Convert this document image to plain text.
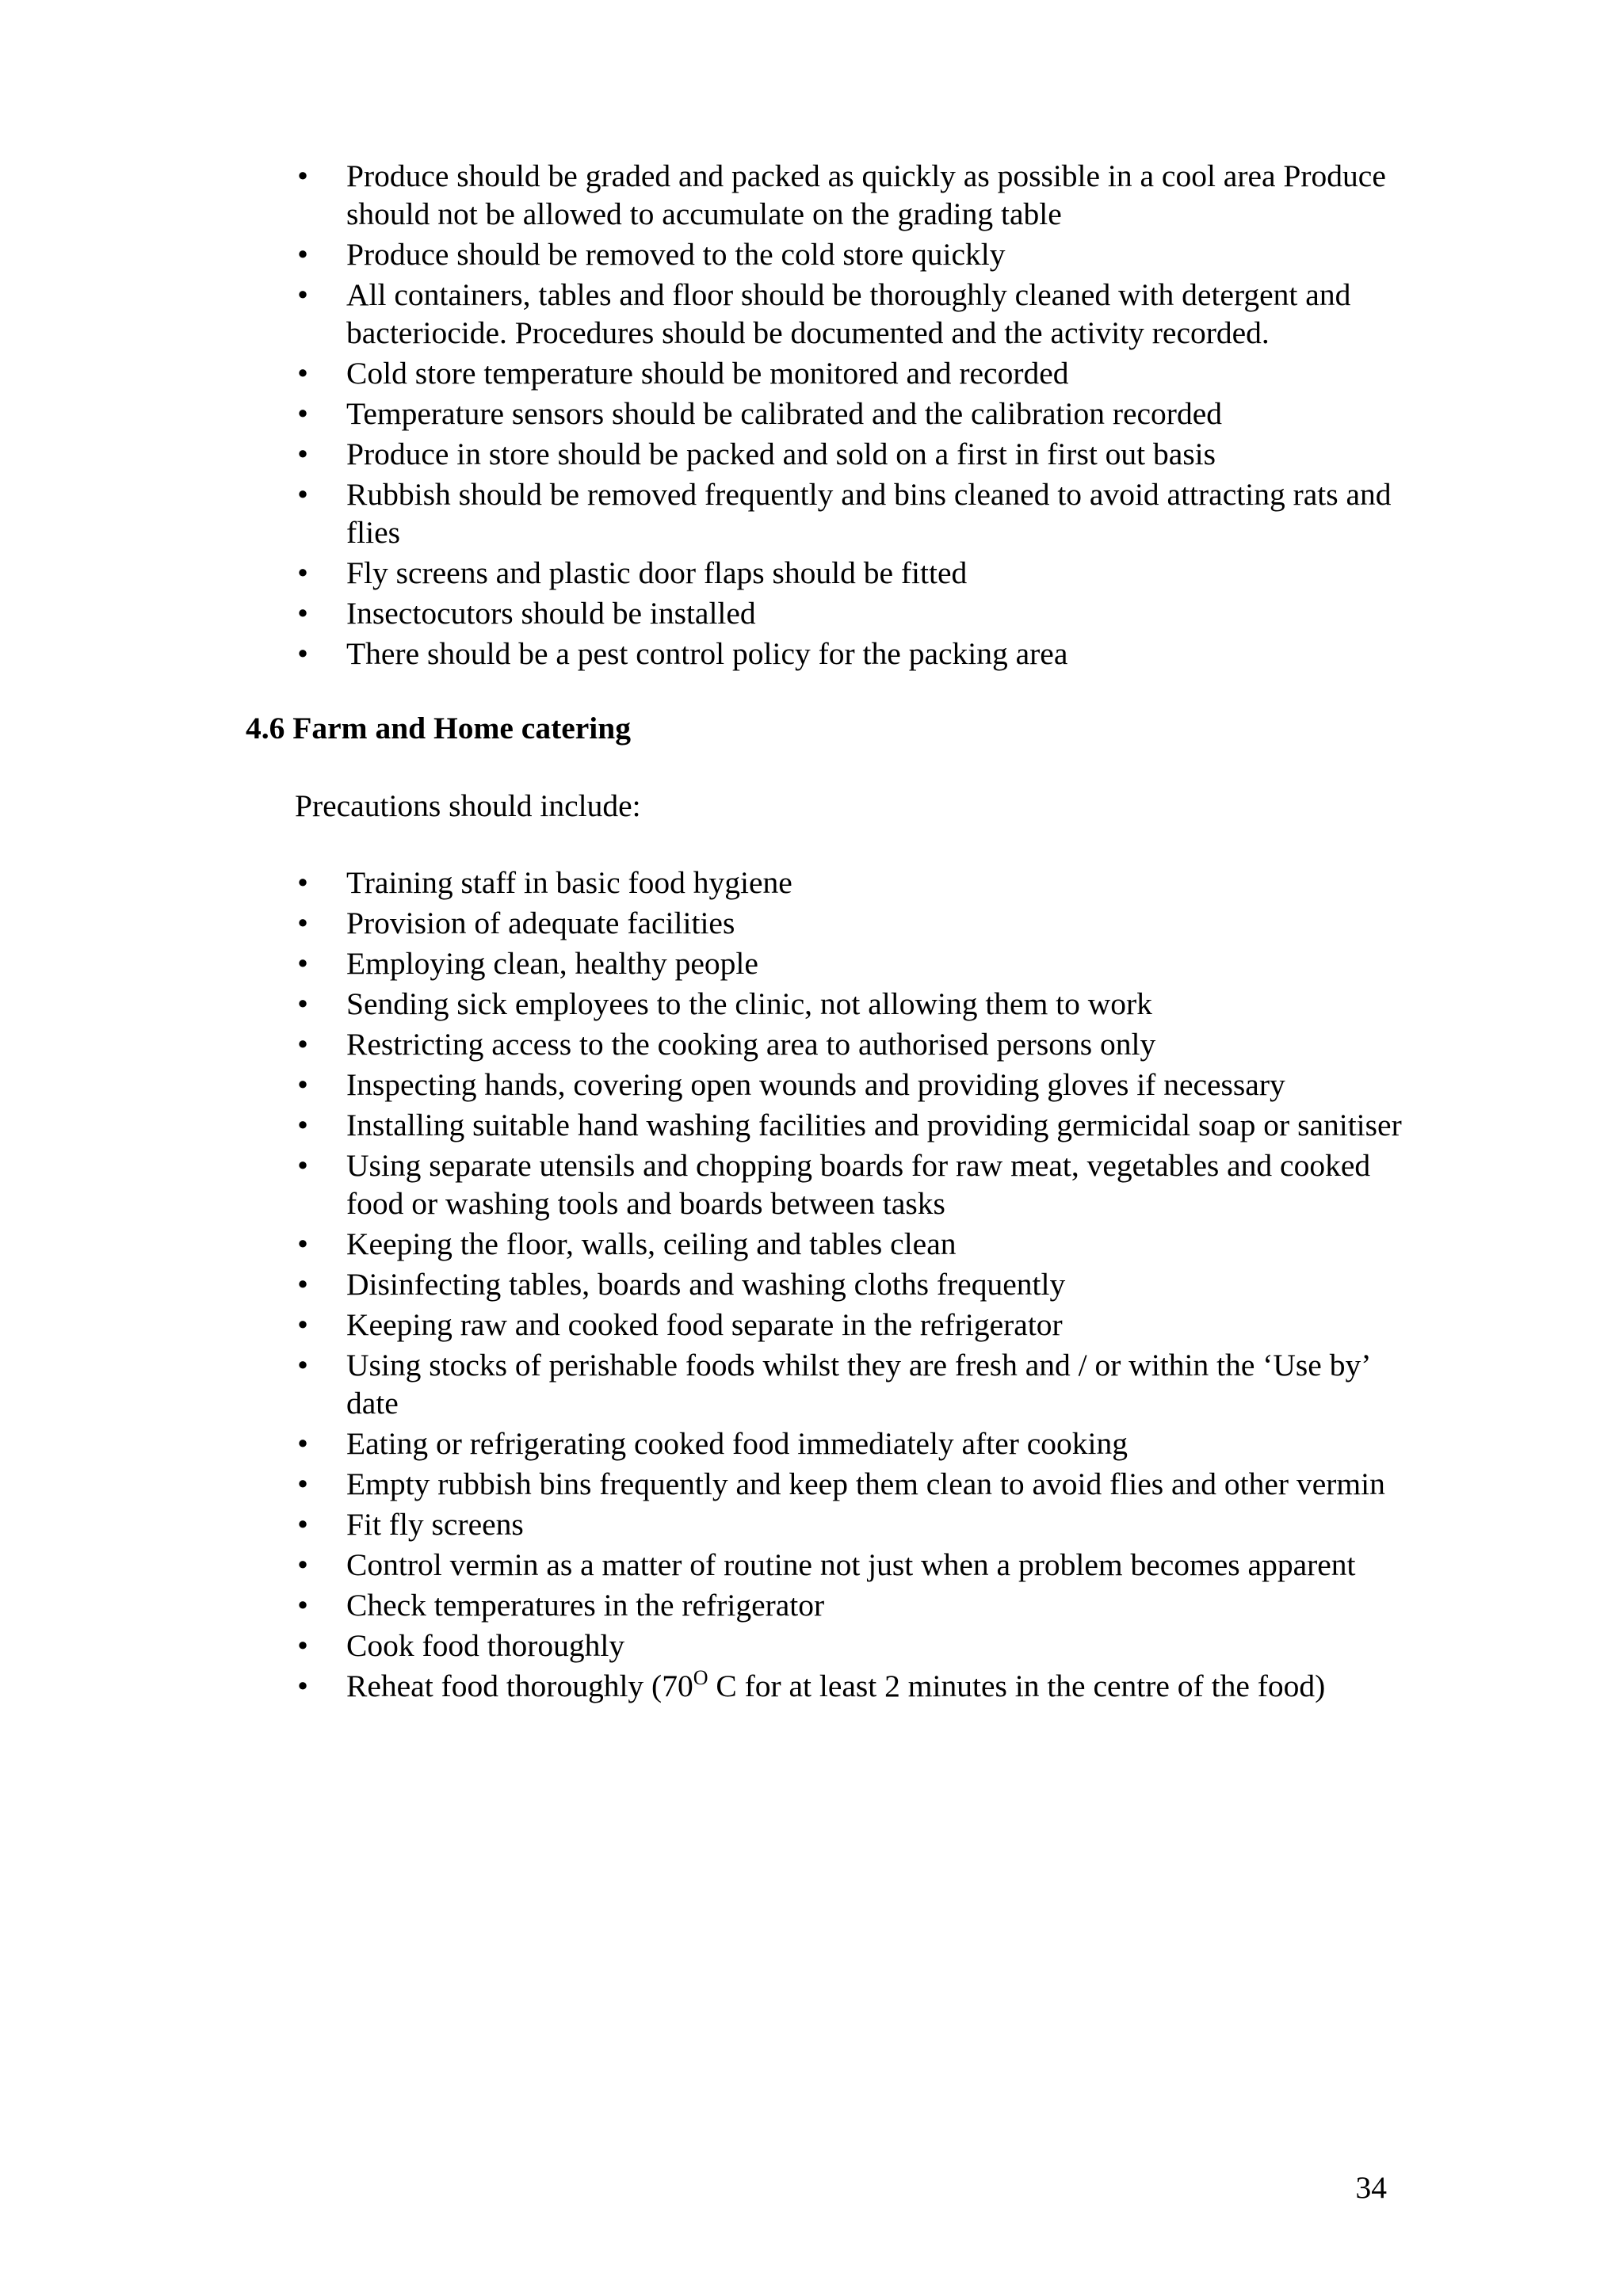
• Produce should be graded and packed as quickly as possible in a cool area Produce should not be allowed to accumulate on the grading table
• Produce should be removed to the cold store quickly
• All containers, tables and floor should be thoroughly cleaned with detergent and bacteriocide. Procedures should be documented and the activity recorded.
• Cold store temperature should be monitored and recorded
• Temperature sensors should be calibrated and the calibration recorded
• Produce in store should be packed and sold on a first in first out basis
• Rubbish should be removed frequently and bins cleaned to avoid attracting rats and flies
• Fly screens and plastic door flaps should be fitted
• Insectocutors should be installed
• There should be a pest control policy for the packing area
4.6 Farm and Home catering
Precautions should include:
• Training staff in basic food hygiene
• Provision of adequate facilities
• Employing clean, healthy people
• Sending sick employees to the clinic, not allowing them to work
• Restricting access to the cooking area to authorised persons only
• Inspecting hands, covering open wounds and providing gloves if necessary
• Installing suitable hand washing facilities and providing germicidal soap or sanitiser
• Using separate utensils and chopping boards for raw meat, vegetables and cooked food or washing tools and boards between tasks
• Keeping the floor, walls, ceiling and tables clean
• Disinfecting tables, boards and washing cloths frequently
• Keeping raw and cooked food separate in the refrigerator
• Using stocks of perishable foods whilst they are fresh and / or within the ‘Use by’ date
• Eating or refrigerating cooked food immediately after cooking
• Empty rubbish bins frequently and keep them clean to avoid flies and other vermin
• Fit fly screens
• Control vermin as a matter of routine not just when a problem becomes apparent
• Check temperatures in the refrigerator
• Cook food thoroughly
• Reheat food thoroughly ($70^O$ C for at least 2 minutes in the centre of the food)
34
